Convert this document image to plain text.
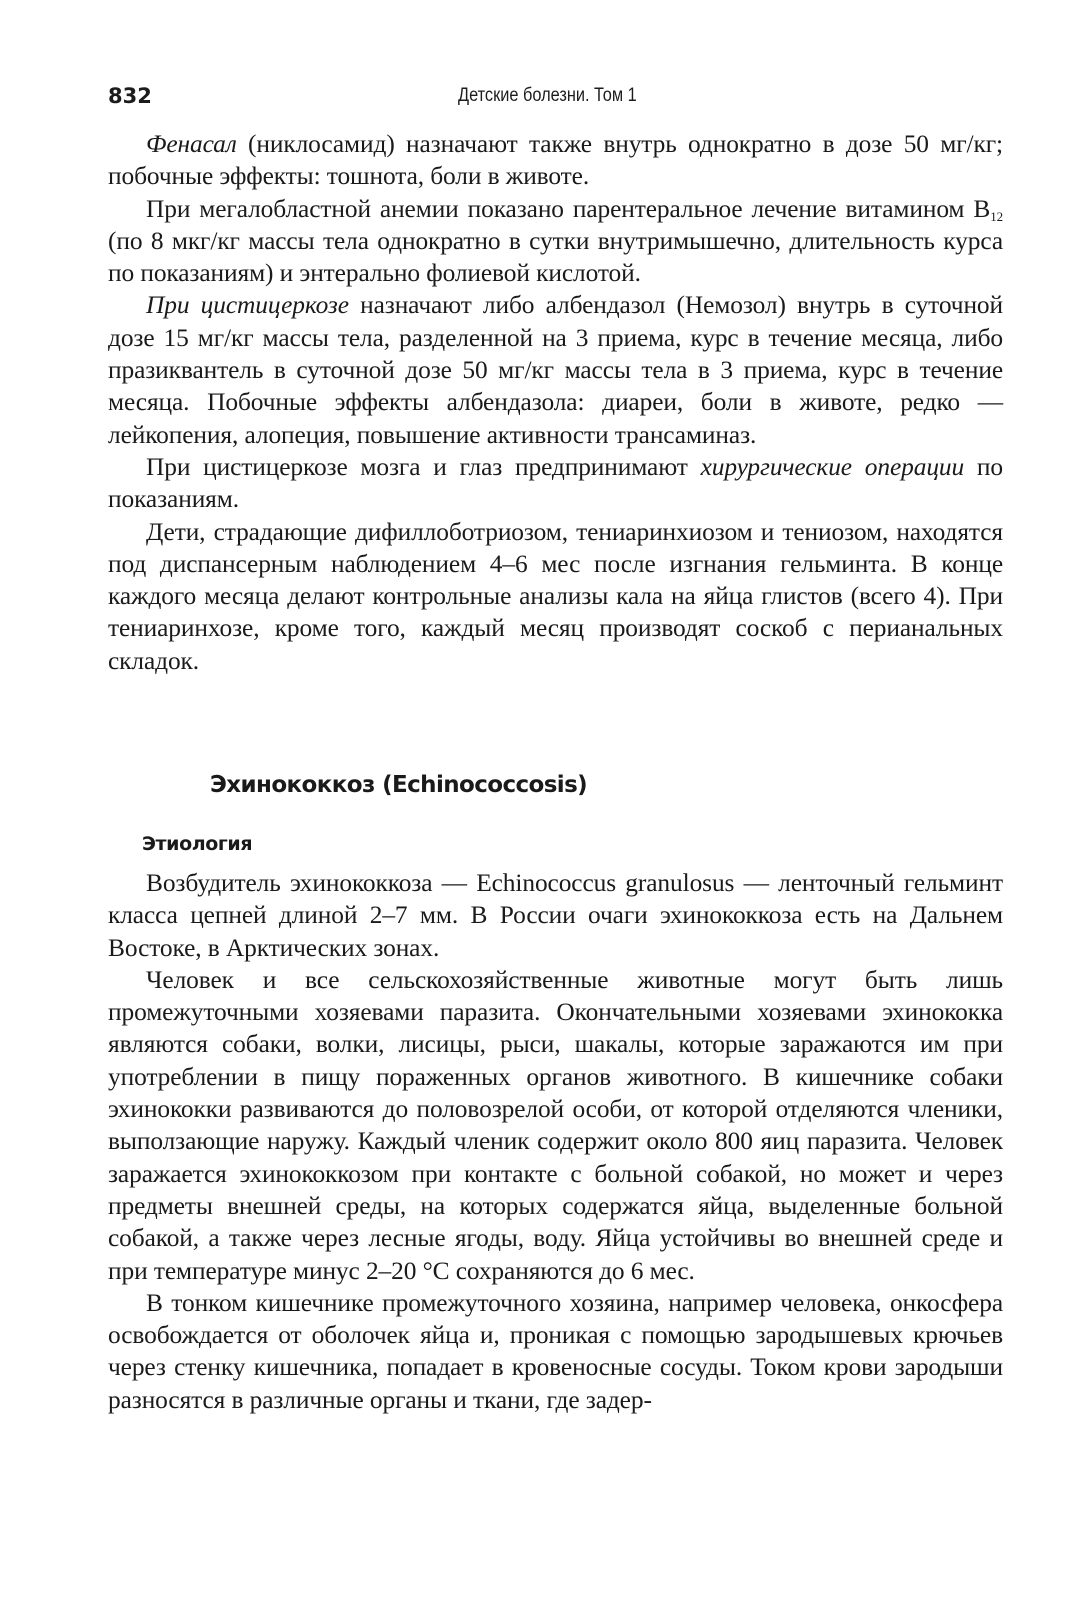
832	Детские болезни. Том 1

Фенасал (никлосамид) назначают также внутрь однократно в дозе 50 мг/кг; побочные эффекты: тошнота, боли в животе.

При мегалобластной анемии показано парентеральное лечение витамином $В_{12}$ (по 8 мкг/кг массы тела однократно в сутки внутримышечно, длительность курса по показаниям) и энтерально фолиевой кислотой.

При цистицеркозе назначают либо албендазол (Немозол) внутрь в суточной дозе 15 мг/кг массы тела, разделенной на 3 приема, курс в течение месяца, либо празиквантель в суточной дозе 50 мг/кг массы тела в 3 приема, курс в течение месяца. Побочные эффекты албендазола: диареи, боли в животе, редко — лейкопения, алопеция, повышение активности трансаминаз.

При цистицеркозе мозга и глаз предпринимают хирургические операции по показаниям.

Дети, страдающие дифиллоботриозом, тениаринхиозом и тениозом, находятся под диспансерным наблюдением 4–6 мес после изгнания гельминта. В конце каждого месяца делают контрольные анализы кала на яйца глистов (всего 4). При тениаринхозе, кроме того, каждый месяц производят соскоб с перианальных складок.

Эхинококкоз (Echinococcosis)
Этиология

Возбудитель эхинококкоза — Echinococcus granulosus — ленточный гельминт класса цепней длиной 2–7 мм. В России очаги эхинококкоза есть на Дальнем Востоке, в Арктических зонах.

Человек и все сельскохозяйственные животные могут быть лишь промежуточными хозяевами паразита. Окончательными хозяевами эхинококка являются собаки, волки, лисицы, рыси, шакалы, которые заражаются им при употреблении в пищу пораженных органов животного. В кишечнике собаки эхинококки развиваются до половозрелой особи, от которой отделяются членики, выползающие наружу. Каждый членик содержит около 800 яиц паразита. Человек заражается эхинококкозом при контакте с больной собакой, но может и через предметы внешней среды, на которых содержатся яйца, выделенные больной собакой, а также через лесные ягоды, воду. Яйца устойчивы во внешней среде и при температуре минус 2–20 °С сохраняются до 6 мес.

В тонком кишечнике промежуточного хозяина, например человека, онкосфера освобождается от оболочек яйца и, проникая с помощью зародышевых крючьев через стенку кишечника, попадает в кровеносные сосуды. Током крови зародыши разносятся в различные органы и ткани, где задер-
